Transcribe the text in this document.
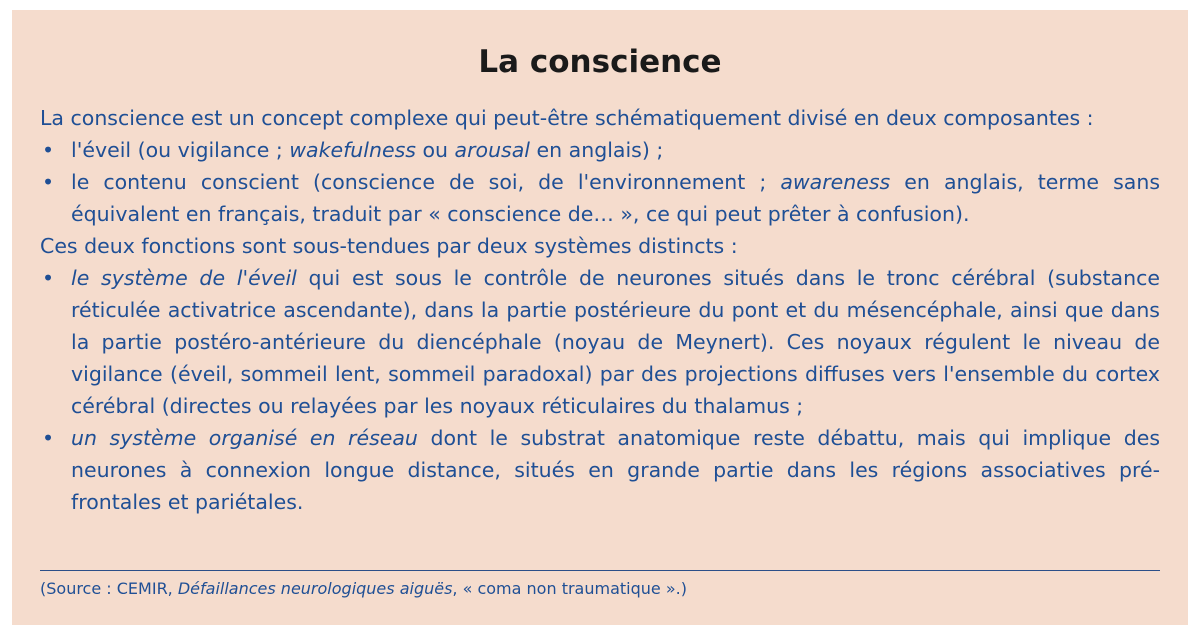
La conscience

La conscience est un concept complexe qui peut-être schématiquement divisé en deux composantes :

• l'éveil (ou vigilance ; wakefulness ou arousal en anglais) ;
• le contenu conscient (conscience de soi, de l'environnement ; awareness en anglais, terme sans équivalent en français, traduit par « conscience de… », ce qui peut prêter à confusion).

Ces deux fonctions sont sous-tendues par deux systèmes distincts :

• le système de l'éveil qui est sous le contrôle de neurones situés dans le tronc cérébral (substance réticulée activatrice ascendante), dans la partie postérieure du pont et du mésencéphale, ainsi que dans la partie postéro-antérieure du diencéphale (noyau de Meynert). Ces noyaux régulent le niveau de vigilance (éveil, sommeil lent, sommeil paradoxal) par des projections diffuses vers l'ensemble du cortex cérébral (directes ou relayées par les noyaux réticulaires du thalamus ;
• un système organisé en réseau dont le substrat anatomique reste débattu, mais qui implique des neurones à connexion longue distance, situés en grande partie dans les régions associatives pré-frontales et pariétales.
(Source : CEMIR, Défaillances neurologiques aiguës, « coma non traumatique ».)
